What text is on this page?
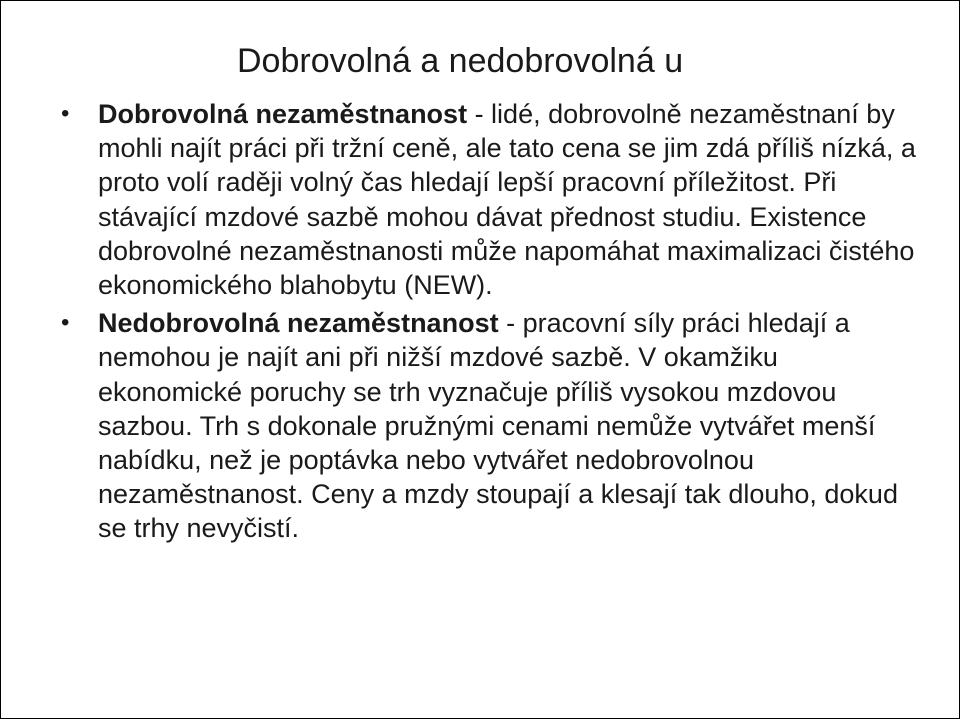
Dobrovolná a nedobrovolná u
• Dobrovolná nezaměstnanost - lidé, dobrovolně nezaměstnaní by mohli najít práci při tržní ceně, ale tato cena se jim zdá příliš nízká, a proto volí raději volný čas hledají lepší pracovní příležitost. Při stávající mzdové sazbě mohou dávat přednost studiu. Existence dobrovolné nezaměstnanosti může napomáhat maximalizaci čistého ekonomického blahobytu (NEW).
• Nedobrovolná nezaměstnanost - pracovní síly práci hledají a nemohou je najít ani při nižší mzdové sazbě. V okamžiku ekonomické poruchy se trh vyznačuje příliš vysokou mzdovou sazbou. Trh s dokonale pružnými cenami nemůže vytvářet menší nabídku, než je poptávka nebo vytvářet nedobrovolnou nezaměstnanost. Ceny a mzdy stoupají a klesají tak dlouho, dokud se trhy nevyčistí.
